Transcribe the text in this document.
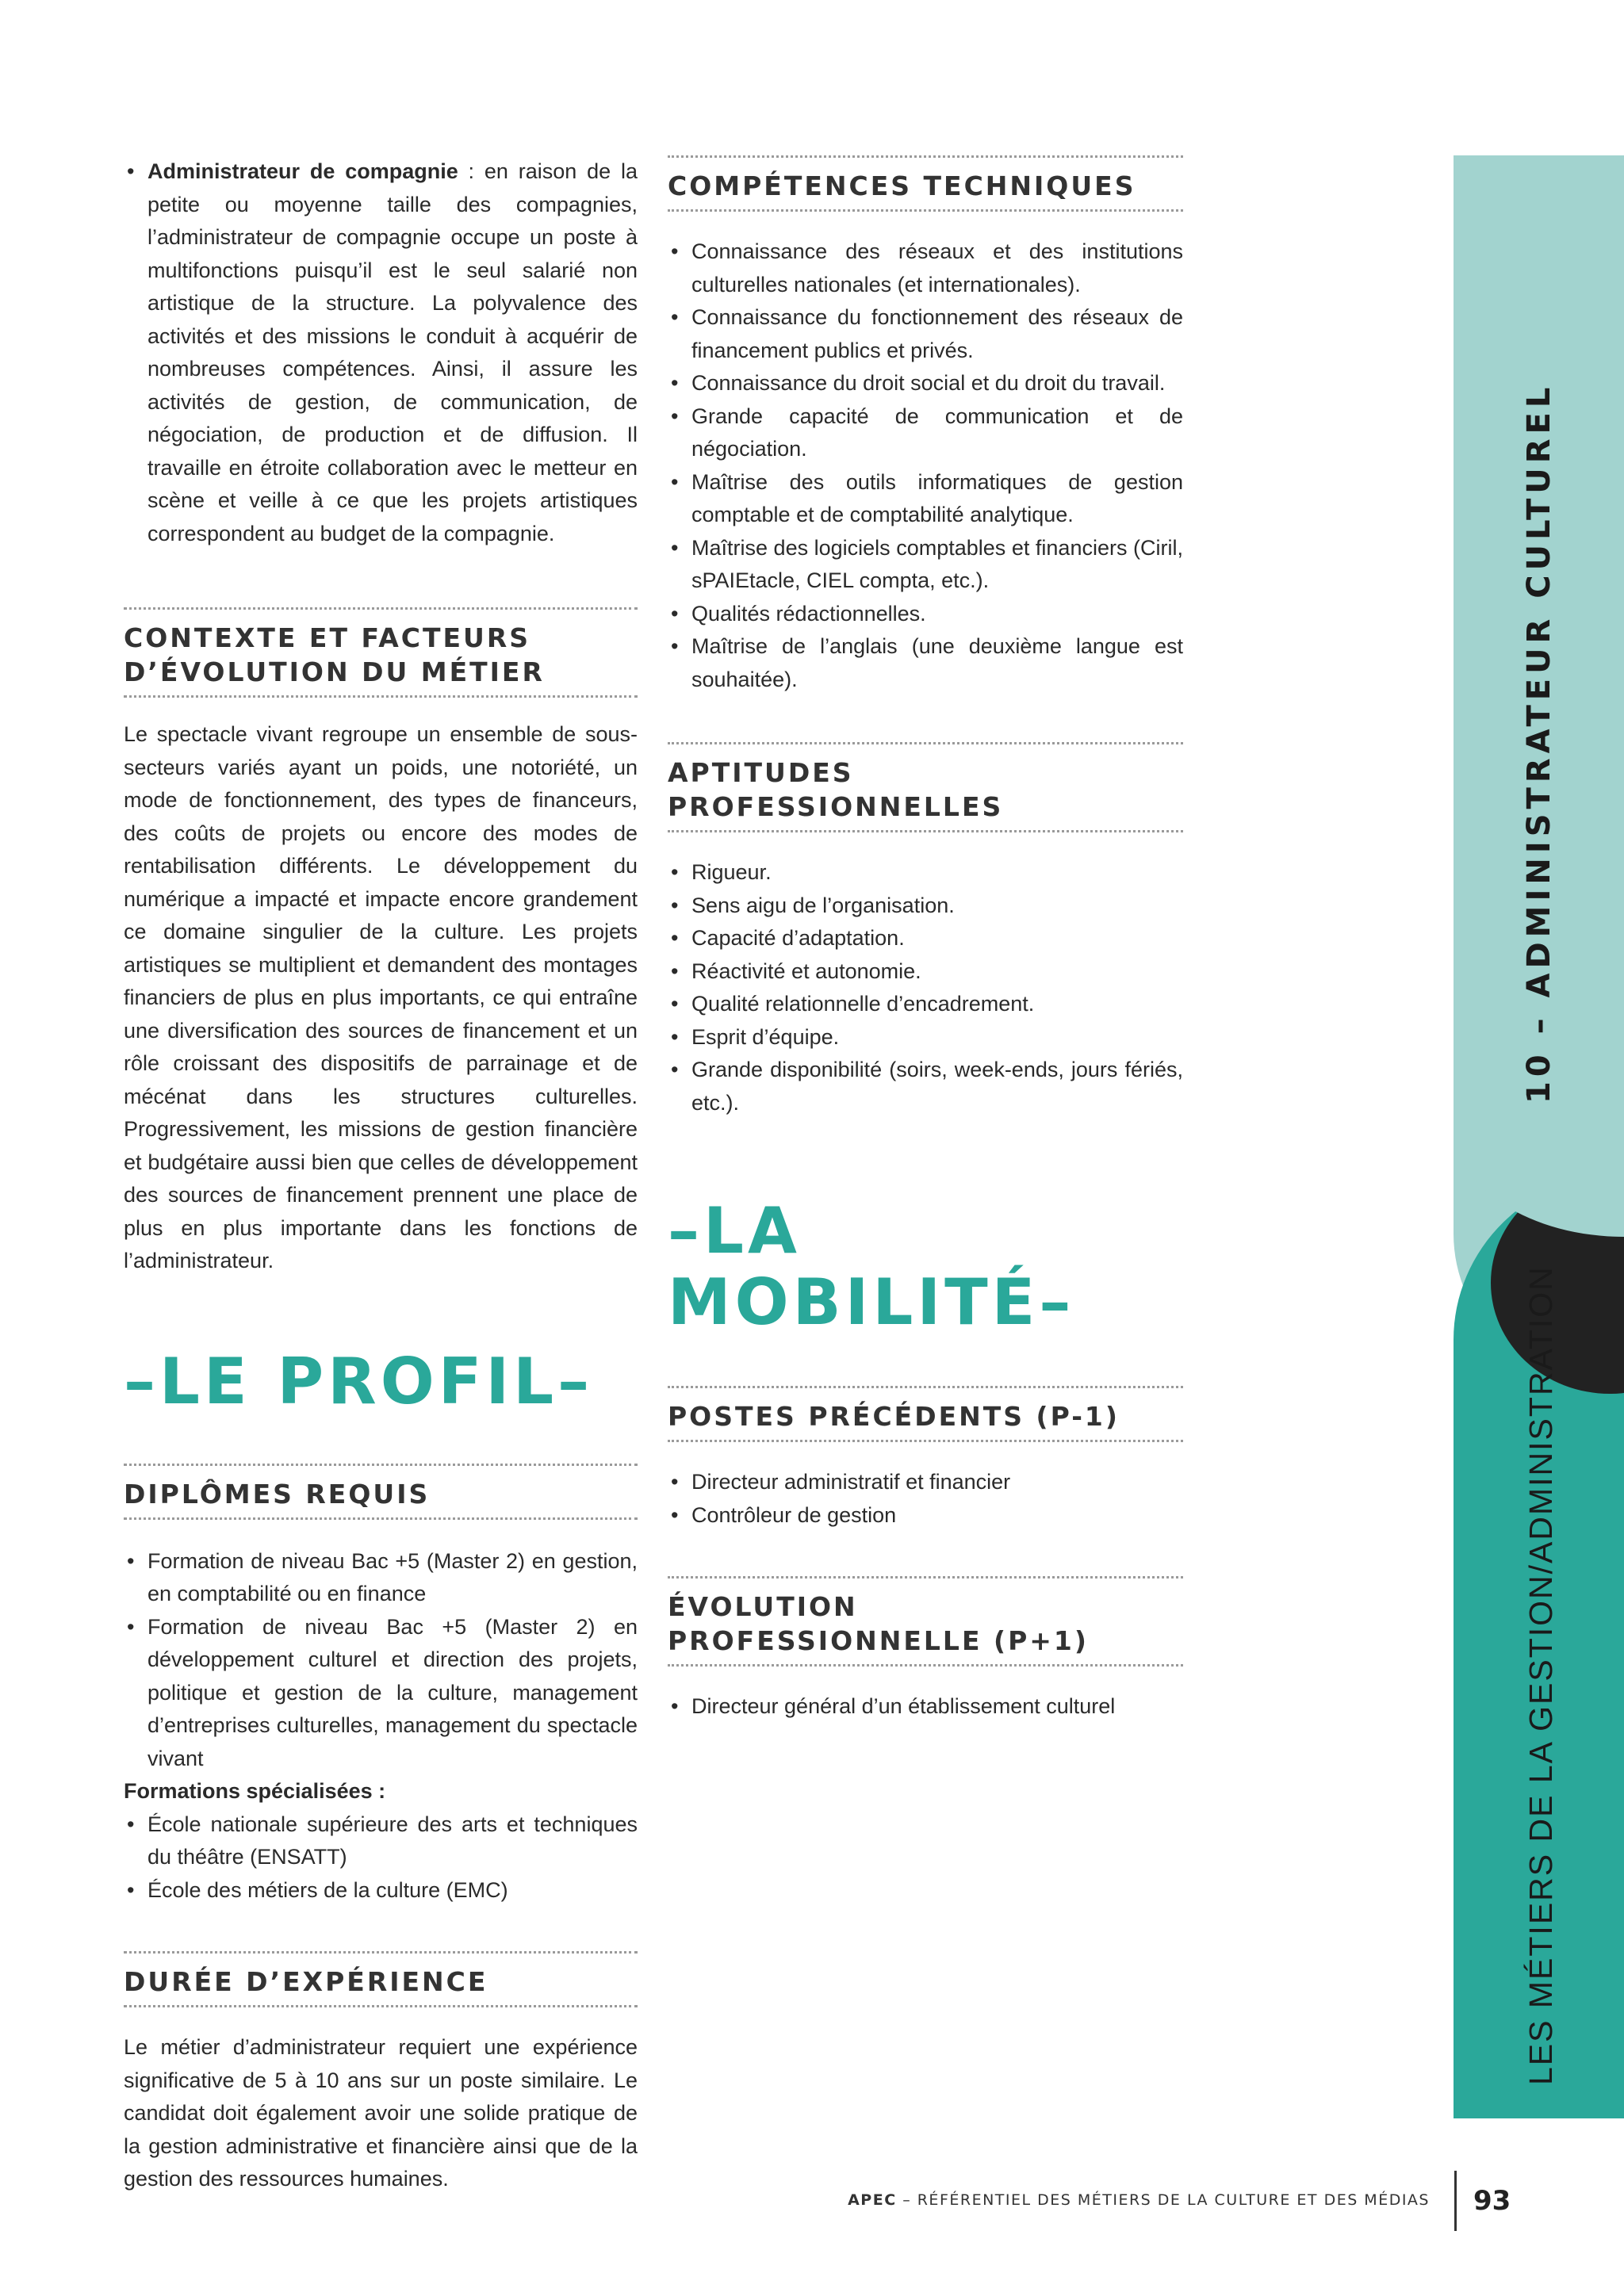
10 – ADMINISTRATEUR CULTUREL
LES MÉTIERS DE LA GESTION/ADMINISTRATION
• Administrateur de compagnie : en raison de la petite ou moyenne taille des compagnies, l’administrateur de compagnie occupe un poste à multifonctions puisqu’il est le seul salarié non artistique de la structure. La polyvalence des activités et des missions le conduit à acquérir de nombreuses compétences. Ainsi, il assure les activités de gestion, de communication, de négociation, de production et de diffusion. Il travaille en étroite collaboration avec le metteur en scène et veille à ce que les projets artistiques correspondent au budget de la compagnie.
CONTEXTE ET FACTEURS D’ÉVOLUTION DU MÉTIER

Le spectacle vivant regroupe un ensemble de sous-secteurs variés ayant un poids, une notoriété, un mode de fonctionnement, des types de financeurs, des coûts de projets ou encore des modes de rentabilisation différents. Le développement du numérique a impacté et impacte encore grandement ce domaine singulier de la culture. Les projets artistiques se multiplient et demandent des montages financiers de plus en plus importants, ce qui entraîne une diversification des sources de financement et un rôle croissant des dispositifs de parrainage et de mécénat dans les structures culturelles. Progressivement, les missions de gestion financière et budgétaire aussi bien que celles de développement des sources de financement prennent une place de plus en plus importante dans les fonctions de l’administrateur.

–LE PROFIL–
DIPLÔMES REQUIS
• Formation de niveau Bac +5 (Master 2) en gestion, en comptabilité ou en finance
• Formation de niveau Bac +5 (Master 2) en développement culturel et direction des projets, politique et gestion de la culture, management d’entreprises culturelles, management du spectacle vivant

Formations spécialisées :

• École nationale supérieure des arts et techniques du théâtre (ENSATT)
• École des métiers de la culture (EMC)
DURÉE D’EXPÉRIENCE

Le métier d’administrateur requiert une expérience significative de 5 à 10 ans sur un poste similaire. Le candidat doit également avoir une solide pratique de la gestion administrative et financière ainsi que de la gestion des ressources humaines.

COMPÉTENCES TECHNIQUES
• Connaissance des réseaux et des institutions culturelles nationales (et internationales).
• Connaissance du fonctionnement des réseaux de financement publics et privés.
• Connaissance du droit social et du droit du travail.
• Grande capacité de communication et de négociation.
• Maîtrise des outils informatiques de gestion comptable et de comptabilité analytique.
• Maîtrise des logiciels comptables et financiers (Ciril, sPAIEtacle, CIEL compta, etc.).
• Qualités rédactionnelles.
• Maîtrise de l’anglais (une deuxième langue est souhaitée).
APTITUDES PROFESSIONNELLES
• Rigueur.
• Sens aigu de l’organisation.
• Capacité d’adaptation.
• Réactivité et autonomie.
• Qualité relationnelle d’encadrement.
• Esprit d’équipe.
• Grande disponibilité (soirs, week-ends, jours fériés, etc.).
–LA MOBILITÉ–
POSTES PRÉCÉDENTS (P-1)
• Directeur administratif et financier
• Contrôleur de gestion
ÉVOLUTION PROFESSIONNELLE (P+1)
• Directeur général d’un établissement culturel
APEC – RÉFÉRENTIEL DES MÉTIERS DE LA CULTURE ET DES MÉDIAS 93
